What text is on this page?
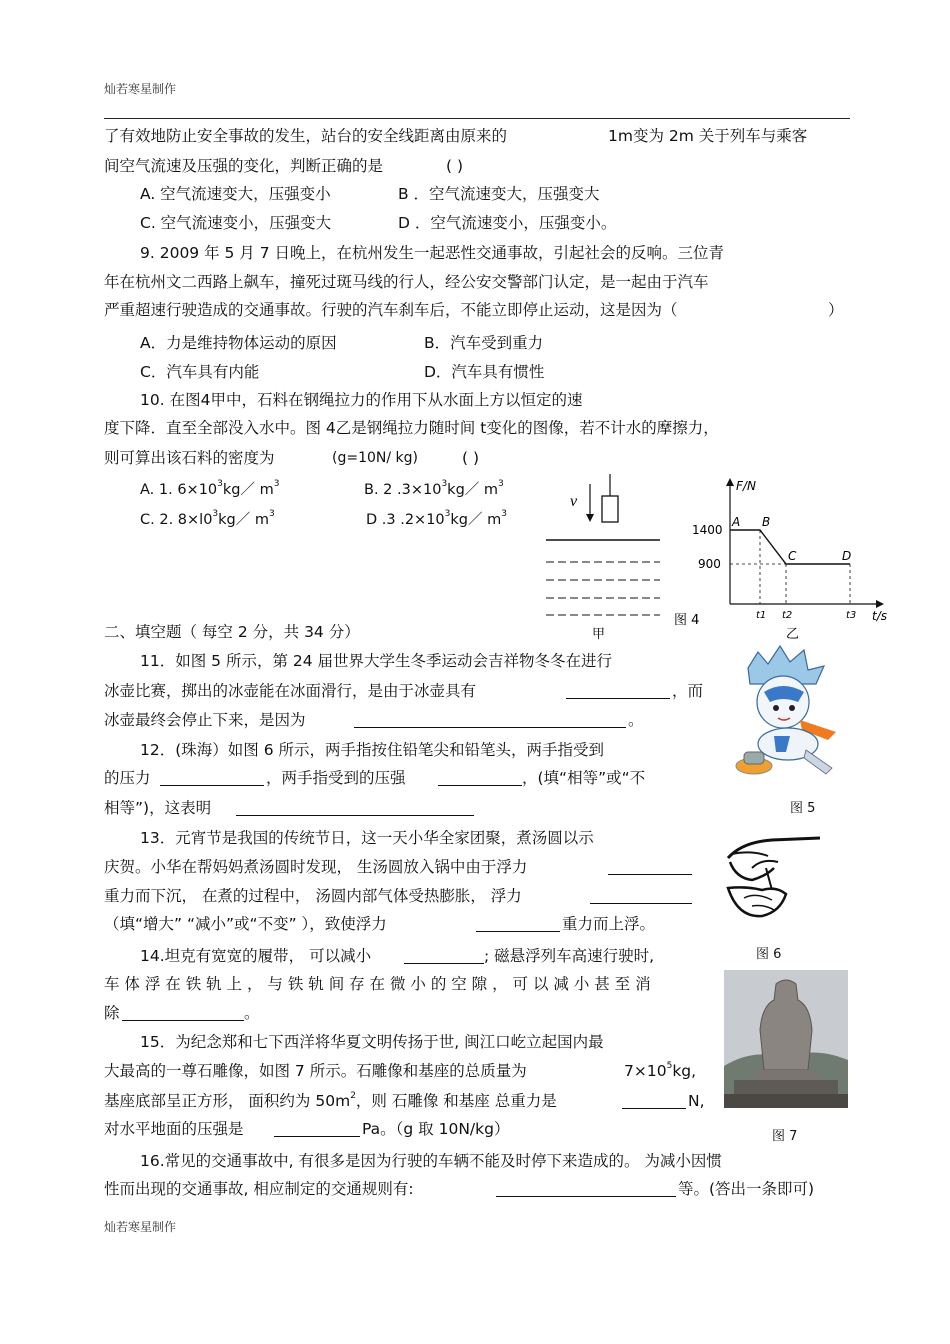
灿若寒星制作
了有效地防止安全事故的发生，站台的安全线距离由原来的	1m变为 2m 关于列车与乘客
间空气流速及压强的变化，判断正确的是	( )
A. 空气流速变大，压强变小	B ．空气流速变大，压强变大
C. 空气流速变小，压强变大	D ．空气流速变小，压强变小。
9. 2009 年 5 月 7 日晚上，在杭州发生一起恶性交通事故，引起社会的反响。三位青
年在杭州文二西路上飙车，撞死过斑马线的行人，经公安交警部门认定，是一起由于汽车
严重超速行驶造成的交通事故。行驶的汽车刹车后，不能立即停止运动，这是因为（	）
A．力是维持物体运动的原因	B．汽车受到重力
C．汽车具有内能	D．汽车具有惯性
10. 在图4甲中，石料在钢绳拉力的作用下从水面上方以恒定的速
度下降．直至全部没入水中。图 4乙是钢绳拉力随时间 t变化的图像，若不计水的摩擦力，
则可算出该石料的密度为	(g=10N/ kg)	( )
A. 1. $6\times 10^3kg/$ $m^3$	B. 2 $.3\times 10^3kg/$ $m^3$
C. 2. $8\times l0^3kg/$ $m^3$	D .3 $.2\times 10^3kg/$ $m^3$
v
甲
F/N
t/s
1400
900
A B
C	D
t1 t2	t3
乙
图 4
二、填空题（ 每空 2 分，共 34 分）
11．如图 5 所示，第 24 届世界大学生冬季运动会吉祥物冬冬在进行
冰壶比赛，掷出的冰壶能在冰面滑行，是由于冰壶具有	，而
冰壶最终会停止下来，是因为	。
图 5
12．(珠海）如图 6 所示，两手指按住铅笔尖和铅笔头，两手指受到
的压力	，两手指受到的压强	，(填“相等”或“不
相等”)，这表明
图 6
13．元宵节是我国的传统节日，这一天小华全家团聚，煮汤圆以示
庆贺。小华在帮妈妈煮汤圆时发现， 生汤圆放入锅中由于浮力
重力而下沉， 在煮的过程中， 汤圆内部气体受热膨胀， 浮力
（填“增大” “减小”或“不变” ），致使浮力	重力而上浮。
14.坦克有宽宽的履带， 可以减小	; 磁悬浮列车高速行驶时,
车 体 浮 在 铁 轨 上 ， 与 铁 轨 间 存 在 微 小 的 空 隙 ， 可 以 减 小 甚 至 消
除	。
图 7
15．为纪念郑和七下西洋将华夏文明传扬于世, 闽江口屹立起国内最
大最高的一尊石雕像，如图 7 所示。石雕像和基座的总质量为	$7\times 10^5kg$,
基座底部呈正方形， 面积约为 $50m^2$，则 石雕像 和基座 总重力是	N,
对水平地面的压强是	Pa。（g 取 10N/kg）
16.常见的交通事故中, 有很多是因为行驶的车辆不能及时停下来造成的。 为减小因惯
性而出现的交通事故, 相应制定的交通规则有:	等。(答出一条即可)
灿若寒星制作
